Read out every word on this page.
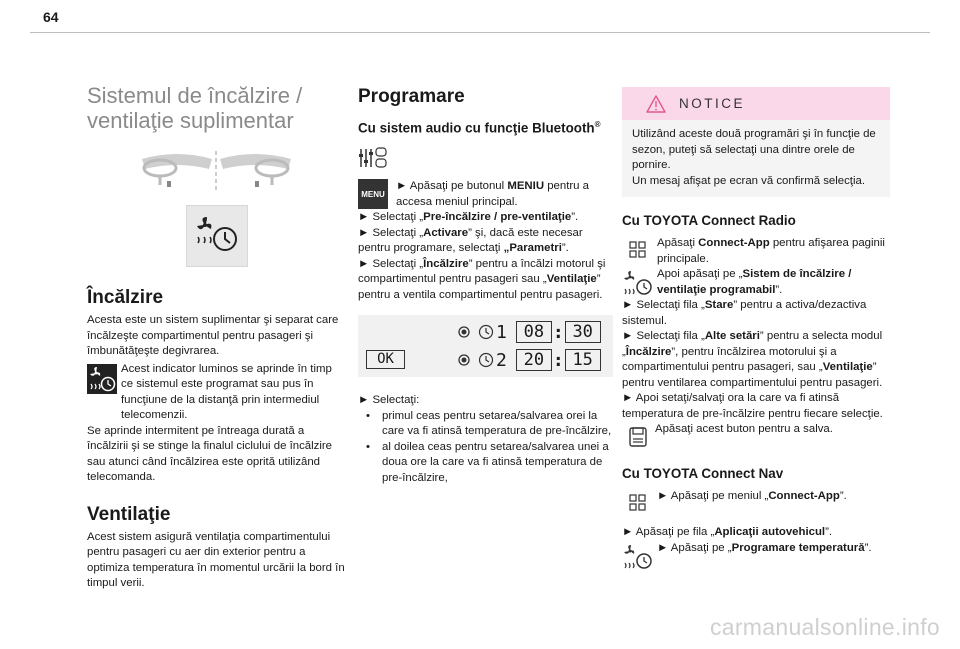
64
Sistemul de încălzire / ventilaţie suplimentar
Încălzire

Acesta este un sistem suplimentar şi separat care încălzeşte compartimentul pentru pasageri şi îmbunătăţeşte degivrarea.

Acest indicator luminos se aprinde în timp ce sistemul este programat sau pus în funcţiune de la distanţă prin intermediul telecomenzii.

Se aprinde intermitent pe întreaga durată a încălzirii şi se stinge la finalul ciclului de încălzire sau atunci când încălzirea este oprită utilizând telecomanda.

Ventilaţie

Acest sistem asigură ventilaţia compartimentului pentru pasageri cu aer din exterior pentru a optimiza temperatura în momentul urcării la bord în timpul verii.

Programare
Cu sistem audio cu funcţie Bluetooth®
MENU

► Apăsaţi pe butonul MENIU pentru a accesa meniul principal.

► Selectaţi „Pre-încălzire / pre-ventilaţie”.

► Selectaţi „Activare” şi, dacă este necesar pentru programare, selectaţi „Parametri”.

► Selectaţi „Încălzire” pentru a încălzi motorul şi compartimentul pentru pasageri sau „Ventilaţie” pentru a ventila compartimentul pentru pasageri.

OK
1 08 : 30
2 20 : 15

► Selectaţi:

• primul ceas pentru setarea/salvarea orei la care va fi atinsă temperatura de pre-încălzire,
• al doilea ceas pentru setarea/salvarea unei a doua ore la care va fi atinsă temperatura de pre-încălzire,
NOTICE

Utilizând aceste două programări şi în funcţie de sezon, puteţi să selectaţi una dintre orele de pornire.
Un mesaj afişat pe ecran vă confirmă selecţia.

Cu TOYOTA Connect Radio

Apăsaţi Connect-App pentru afişarea paginii principale.

Apoi apăsaţi pe „Sistem de încălzire / ventilaţie programabil”.

► Selectaţi fila „Stare” pentru a activa/dezactiva sistemul.

► Selectaţi fila „Alte setări” pentru a selecta modul „Încălzire”, pentru încălzirea motorului şi a compartimentului pentru pasageri, sau „Ventilaţie” pentru ventilarea compartimentului pentru pasageri.

► Apoi setaţi/salvaţi ora la care va fi atinsă temperatura de pre-încălzire pentru fiecare selecţie.

Apăsaţi acest buton pentru a salva.

Cu TOYOTA Connect Nav

► Apăsaţi pe meniul „Connect-App”.

► Apăsaţi pe fila „Aplicaţii autovehicul”.

► Apăsaţi pe „Programare temperatură”.

carmanualsonline.info
